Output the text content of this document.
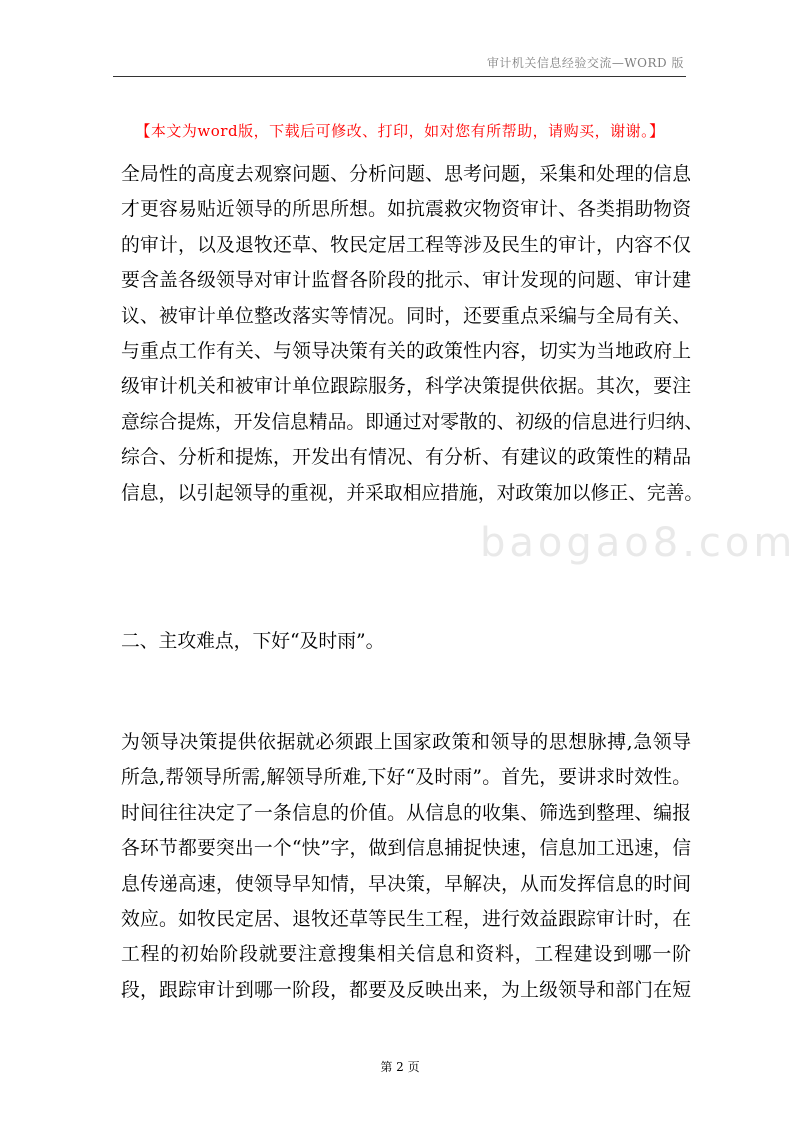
审计机关信息经验交流—WORD 版
【本文为word版，下载后可修改、打印，如对您有所帮助，请购买，谢谢。】
全局性的高度去观察问题、分析问题、思考问题，采集和处理的信息
才更容易贴近领导的所思所想。如抗震救灾物资审计、各类捐助物资
的审计，以及退牧还草、牧民定居工程等涉及民生的审计，内容不仅
要含盖各级领导对审计监督各阶段的批示、审计发现的问题、审计建
议、被审计单位整改落实等情况。同时，还要重点采编与全局有关、
与重点工作有关、与领导决策有关的政策性内容，切实为当地政府上
级审计机关和被审计单位跟踪服务，科学决策提供依据。其次，要注
意综合提炼，开发信息精品。即通过对零散的、初级的信息进行归纳、
综合、分析和提炼，开发出有情况、有分析、有建议的政策性的精品
信息，以引起领导的重视，并采取相应措施，对政策加以修正、完善。
baogao8.com
二、主攻难点，下好“及时雨”。
为领导决策提供依据就必须跟上国家政策和领导的思想脉搏,急领导
所急,帮领导所需,解领导所难,下好“及时雨”。首先，要讲求时效性。
时间往往决定了一条信息的价值。从信息的收集、筛选到整理、编报
各环节都要突出一个“快”字，做到信息捕捉快速，信息加工迅速，信
息传递高速，使领导早知情，早决策，早解决，从而发挥信息的时间
效应。如牧民定居、退牧还草等民生工程，进行效益跟踪审计时，在
工程的初始阶段就要注意搜集相关信息和资料，工程建设到哪一阶
段，跟踪审计到哪一阶段，都要及反映出来，为上级领导和部门在短
第 2 页
